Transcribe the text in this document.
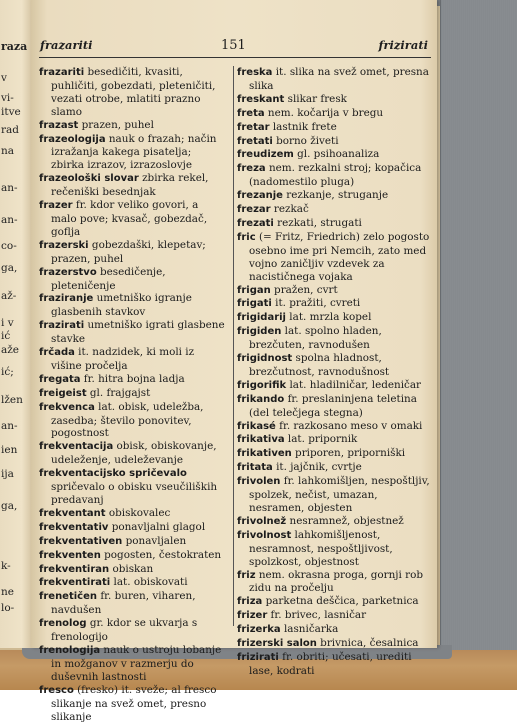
raza
v
vi-
itve
rad
na
an-
an-
co-
ga,
až-
i v
ić
aže
ić;
lžen
an-
ien
ija
ga,
k-
ne
lo-
frazariti	151	frizirati
frazariti besedičiti, kvasiti, puhličiti, gobezdati, pleteničiti, vezati otrobe, mlatiti prazno slamo
frazast prazen, puhel
frazeologija nauk o frazah; način izražanja kakega pisatelja; zbirka izrazov, izrazoslovje
frazeološki slovar zbirka rekel, rečeniški besednjak
frazer fr. kdor veliko govori, a malo pove; kvasač, gobezdač, goflja
frazerski gobezdaški, klepetav; prazen, puhel
frazerstvo besedičenje, pleteničenje
fraziranje umetniško igranje glasbenih stavkov
frazirati umetniško igrati glasbene stavke
frčada it. nadzidek, ki moli iz višine pročelja
fregata fr. hitra bojna ladja
freigeist gl. frajgajst
frekvenca lat. obisk, udeležba, zasedba; število ponovitev, pogostnost
frekventacija obisk, obiskovanje, udeleženje, udeleževanje
frekventacijsko spričevalo spričevalo o obisku vseučiliških predavanj
frekventant obiskovalec
frekventativ ponavljalni glagol
frekventativen ponavljalen
frekventen pogosten, čestokraten
frekventiran obiskan
frekventirati lat. obiskovati
frenetičen fr. buren, viharen, navdušen
frenolog gr. kdor se ukvarja s frenologijo
frenologija nauk o ustroju lobanje in možganov v razmerju do duševnih lastnosti
fresco (fresko) it. sveže; al fresco slikanje na svež omet, presno slikanje
freska it. slika na svež omet, presna slika
freskant slikar fresk
freta nem. kočarija v bregu
fretar lastnik frete
fretati borno živeti
freudizem gl. psihoanaliza
freza nem. rezkalni stroj; kopačica (nadomestilo pluga)
frezanje rezkanje, struganje
frezar rezkač
frezati rezkati, strugati
fric (= Fritz, Friedrich) zelo pogosto osebno ime pri Nemcih, zato med vojno zaničljiv vzdevek za nacističnega vojaka
frigan pražen, cvrt
frigati it. pražiti, cvreti
frigidarij lat. mrzla kopel
frigiden lat. spolno hladen, brezčuten, ravnodušen
frigidnost spolna hladnost, brezčutnost, ravnodušnost
frigorifik lat. hladilničar, ledeničar
frikando fr. preslaninjena teletina (del telečjega stegna)
frikasé fr. razkosano meso v omaki
frikativa lat. pripornik
frikativen priporen, priporniški
fritata it. jajčnik, cvrtje
frivolen fr. lahkomišljen, nespoštljiv, spolzek, nečist, umazan, nesramen, objesten
frivolnež nesramnež, objestnež
frivolnost lahkomišljenost, nesramnost, nespoštljivost, spolzkost, objestnost
friz nem. okrasna proga, gornji rob zidu na pročelju
friza parketna deščica, parketnica
frizer fr. brivec, lasničar
frizerka lasničarka
frizerski salon brivnica, česalnica
frizirati fr. obriti; učesati, urediti lase, kodrati
